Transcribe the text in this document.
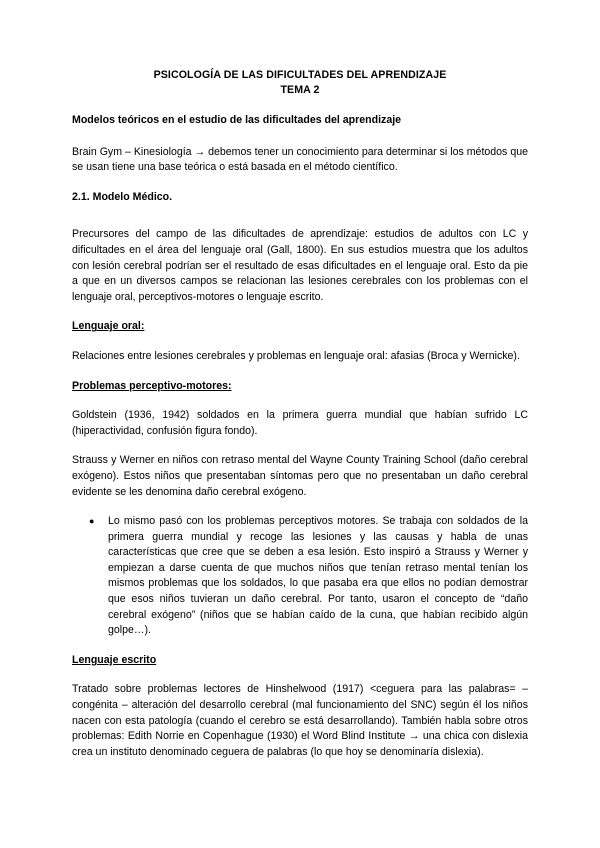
PSICOLOGÍA DE LAS DIFICULTADES DEL APRENDIZAJE

TEMA 2

Modelos teóricos en el estudio de las dificultades del aprendizaje

Brain Gym – Kinesiología → debemos tener un conocimiento para determinar si los métodos que se usan tiene una base teórica o está basada en el método científico.

2.1. Modelo Médico.

Precursores del campo de las dificultades de aprendizaje: estudios de adultos con LC y dificultades en el área del lenguaje oral (Gall, 1800). En sus estudios muestra que los adultos con lesión cerebral podrían ser el resultado de esas dificultades en el lenguaje oral. Esto da pie a que en un diversos campos se relacionan las lesiones cerebrales con los problemas con el lenguaje oral, perceptivos-motores o lenguaje escrito.

Lenguaje oral:

Relaciones entre lesiones cerebrales y problemas en lenguaje oral: afasias (Broca y Wernicke).

Problemas perceptivo-motores:

Goldstein (1936, 1942) soldados en la primera guerra mundial que habían sufrido LC (hiperactividad, confusión figura fondo).

Strauss y Werner en niños con retraso mental del Wayne County Training School (daño cerebral exógeno). Estos niños que presentaban síntomas pero que no presentaban un daño cerebral evidente se les denomina daño cerebral exógeno.

● Lo mismo pasó con los problemas perceptivos motores. Se trabaja con soldados de la primera guerra mundial y recoge las lesiones y las causas y habla de unas características que cree que se deben a esa lesión. Esto inspiró a Strauss y Werner y empiezan a darse cuenta de que muchos niños que tenían retraso mental tenían los mismos problemas que los soldados, lo que pasaba era que ellos no podían demostrar que esos niños tuvieran un daño cerebral. Por tanto, usaron el concepto de “daño cerebral exógeno” (niños que se habían caído de la cuna, que habían recibido algún golpe…).

Lenguaje escrito

Tratado sobre problemas lectores de Hinshelwood (1917) <ceguera para las palabras= – congénita – alteración del desarrollo cerebral (mal funcionamiento del SNC) según él los niños nacen con esta patología (cuando el cerebro se está desarrollando). También habla sobre otros problemas: Edith Norrie en Copenhague (1930) el Word Blind Institute → una chica con dislexia crea un instituto denominado ceguera de palabras (lo que hoy se denominaría dislexia).
